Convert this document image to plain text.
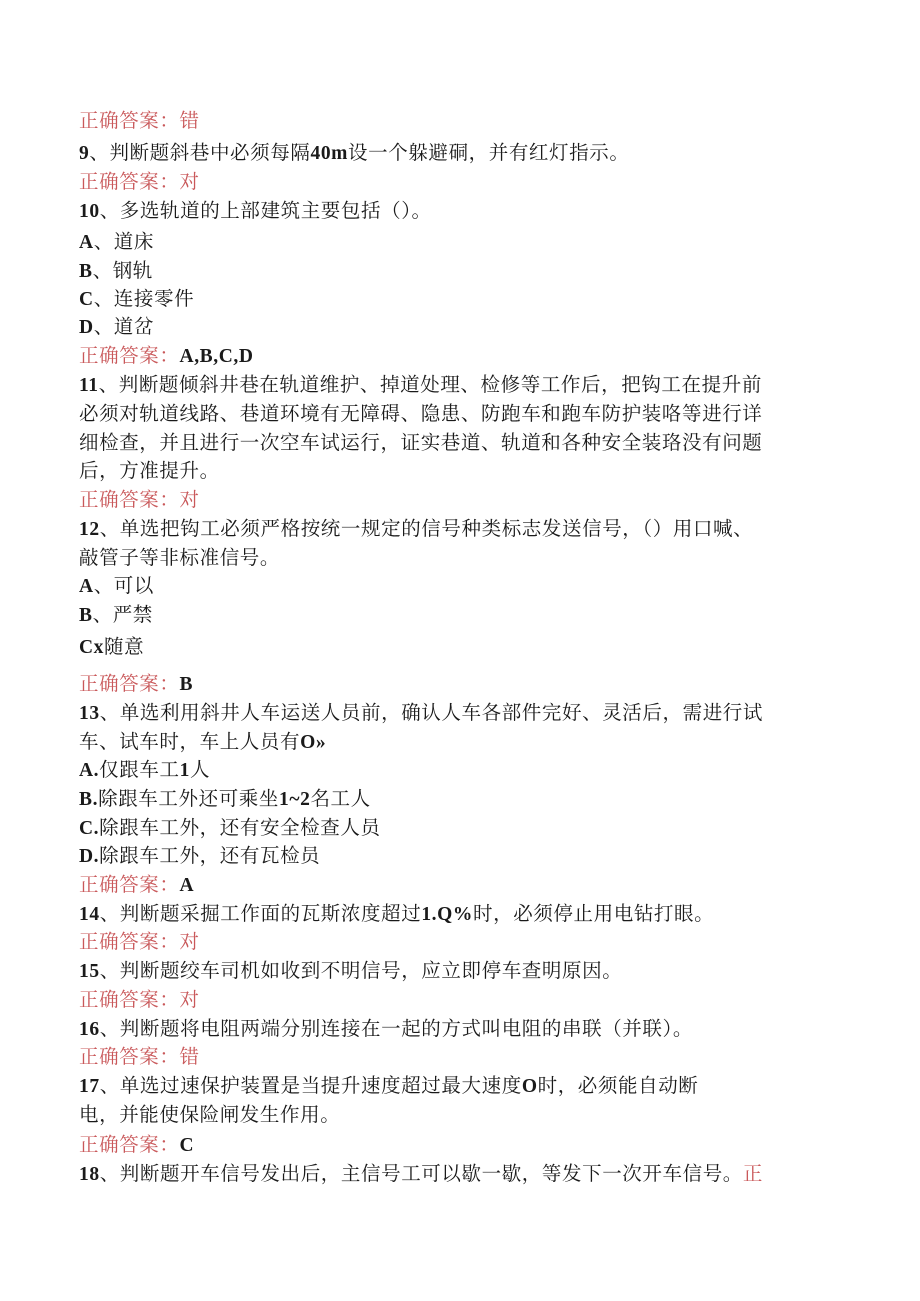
正确答案：错
9、判断题斜巷中必须每隔40m设一个躲避硐，并有红灯指示。
正确答案：对
10、多选轨道的上部建筑主要包括（）。
A、道床
B、钢轨
C、连接零件
D、道岔
正确答案：A,B,C,D
11、判断题倾斜井巷在轨道维护、掉道处理、检修等工作后，把钩工在提升前
必须对轨道线路、巷道环境有无障碍、隐患、防跑车和跑车防护装咯等进行详
细检查，并且进行一次空车试运行，证实巷道、轨道和各种安全装珞没有问题
后，方准提升。
正确答案：对
12、单选把钩工必须严格按统一规定的信号种类标志发送信号，（）用口喊、
敲管子等非标准信号。
A、可以
B、严禁
Cx随意
正确答案：B
13、单选利用斜井人车运送人员前，确认人车各部件完好、灵活后，需进行试
车、试车时，车上人员有O»
A.仅跟车工1人
B.除跟车工外还可乘坐1~2名工人
C.除跟车工外，还有安全检查人员
D.除跟车工外，还有瓦检员
正确答案：A
14、判断题采掘工作面的瓦斯浓度超过1.Q%时，必须停止用电钻打眼。
正确答案：对
15、判断题绞车司机如收到不明信号，应立即停车查明原因。
正确答案：对
16、判断题将电阻两端分别连接在一起的方式叫电阻的串联（并联）。
正确答案：错
17、单选过速保护装置是当提升速度超过最大速度O时，必须能自动断
电，并能使保险闸发生作用。
正确答案：C
18、判断题开车信号发出后，主信号工可以歇一歇，等发下一次开车信号。正
